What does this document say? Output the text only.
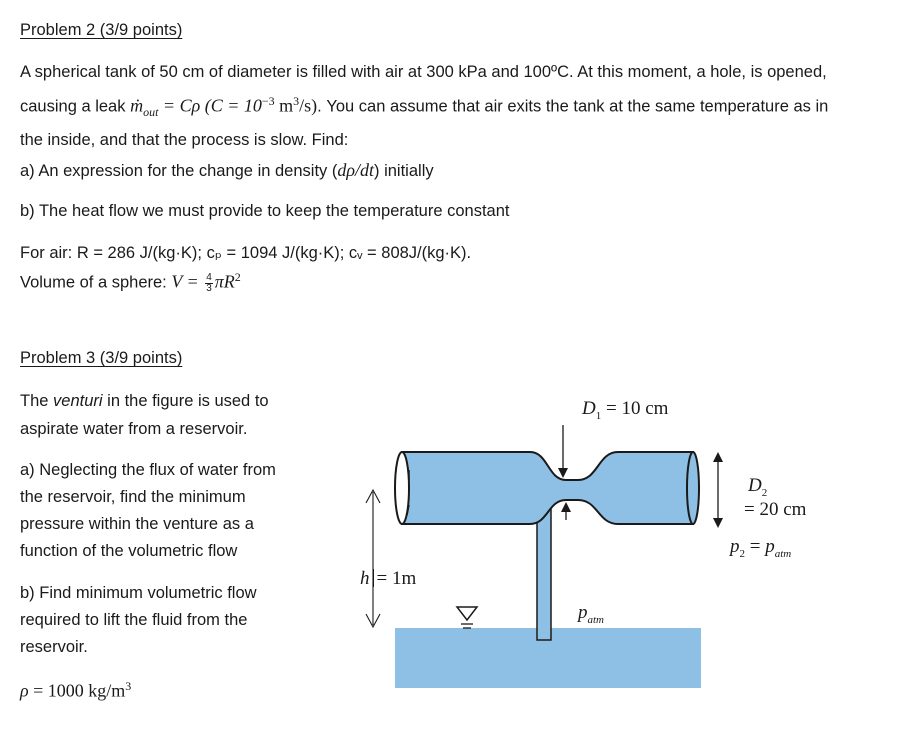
Problem 2 (3/9 points)
A spherical tank of 50 cm of diameter is filled with air at 300 kPa and 100ºC. At this moment, a hole, is opened, causing a leak ṁ$_{out}$ = Cρ ($C = 10^{-3}$ $m^3/s$). You can assume that air exits the tank at the same temperature as in the inside, and that the process is slow. Find:
a) An expression for the change in density (dρ/dt) initially
b) The heat flow we must provide to keep the temperature constant
For air: R = 286 J/(kg·K); cₚ = 1094 J/(kg·K); cᵥ = 808J/(kg·K).
Volume of a sphere: $V = \frac{4}{3} \pi R^2$
Problem 3 (3/9 points)
The venturi in the figure is used to
aspirate water from a reservoir.
a) Neglecting the flux of water from
the reservoir, find the minimum
pressure within the venture as a
function of the volumetric flow
b) Find minimum volumetric flow
required to lift the fluid from the
reservoir.
ρ = 1000 $kg/m^3$
$D_1 = 10$ cm
$D_2$
= 20 cm
$p_2 = p_{atm}$
h = 1m
$p_{atm}$
